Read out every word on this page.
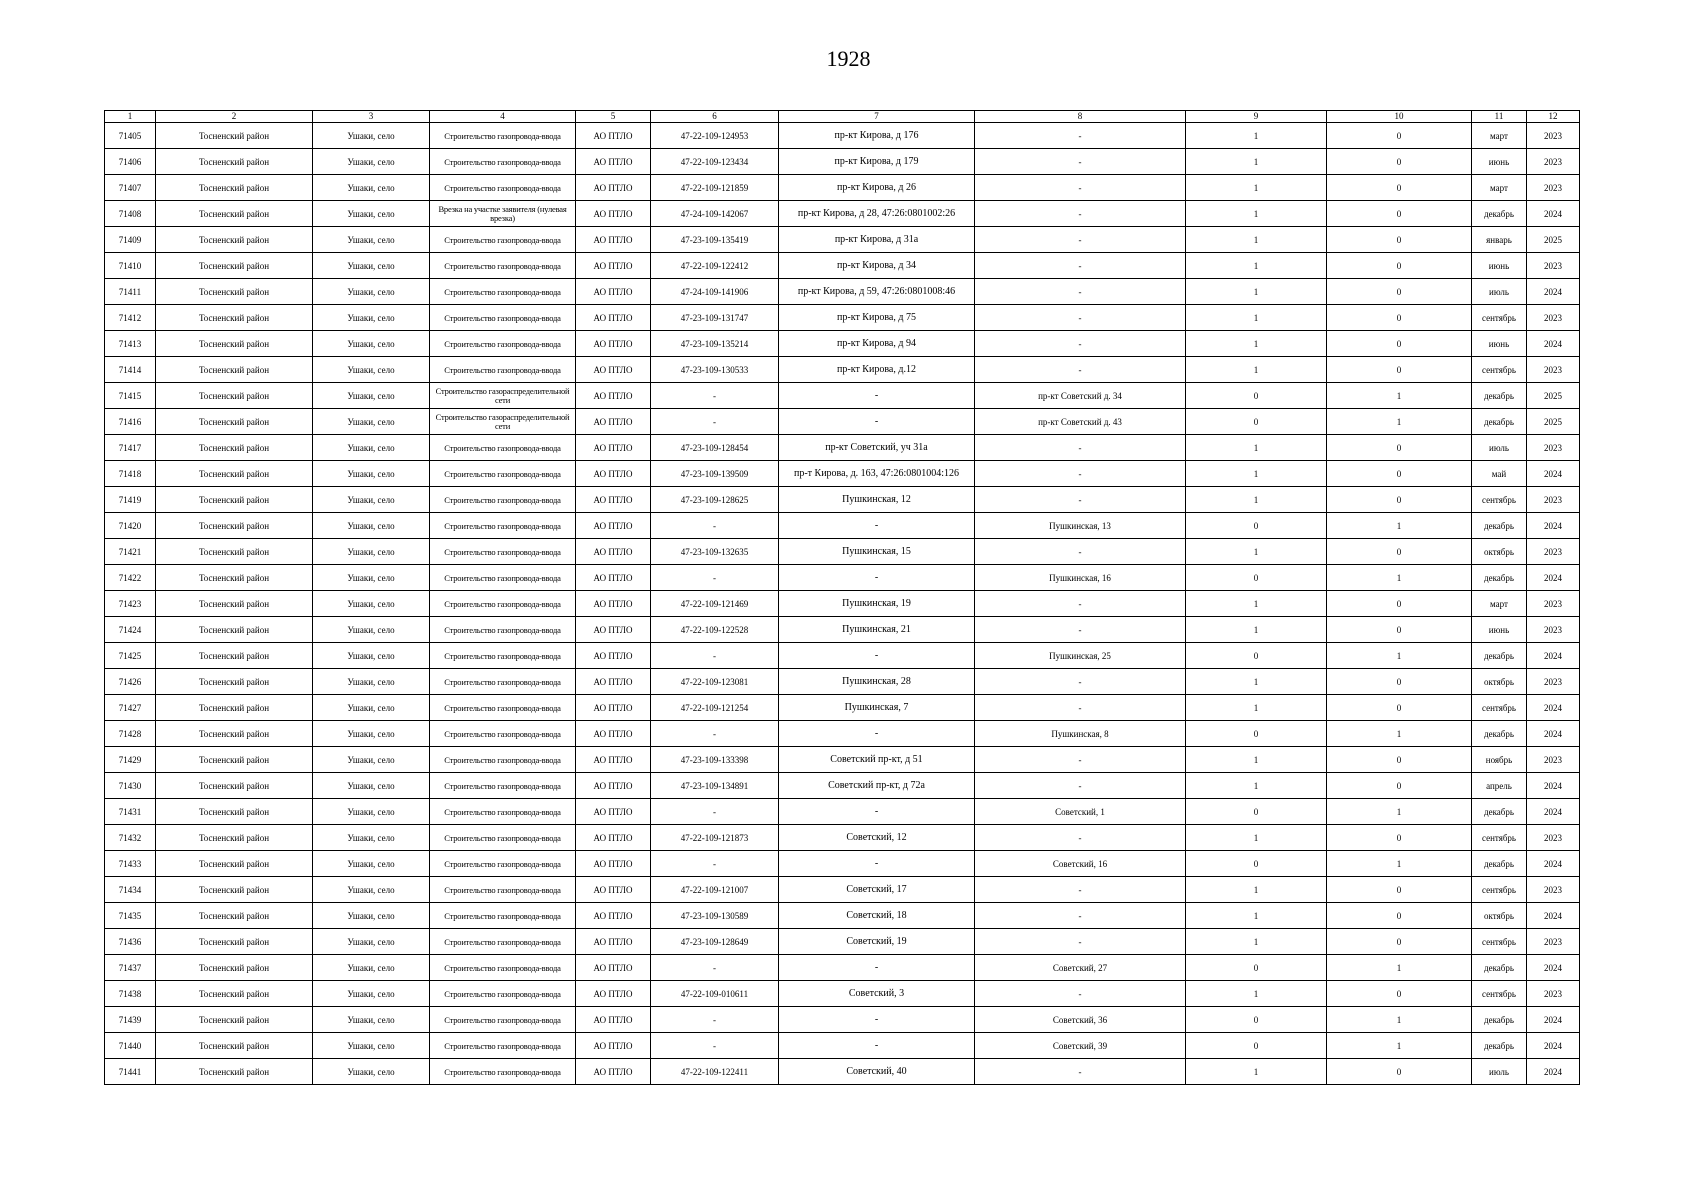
1928
1	2	3	4	5	6	7	8	9	10	11	12
71405	Тосненский район	Ушаки, село	Строительство газопровода-ввода	АО ПТЛО	47-22-109-124953	пр-кт Кирова, д 176	-	1	0	март	2023
71406	Тосненский район	Ушаки, село	Строительство газопровода-ввода	АО ПТЛО	47-22-109-123434	пр-кт Кирова, д 179	-	1	0	июнь	2023
71407	Тосненский район	Ушаки, село	Строительство газопровода-ввода	АО ПТЛО	47-22-109-121859	пр-кт Кирова, д 26	-	1	0	март	2023
71408	Тосненский район	Ушаки, село	Врезка на участке заявителя (нулевая врезка)	АО ПТЛО	47-24-109-142067	пр-кт Кирова, д 28, 47:26:0801002:26	-	1	0	декабрь	2024
71409	Тосненский район	Ушаки, село	Строительство газопровода-ввода	АО ПТЛО	47-23-109-135419	пр-кт Кирова, д 31а	-	1	0	январь	2025
71410	Тосненский район	Ушаки, село	Строительство газопровода-ввода	АО ПТЛО	47-22-109-122412	пр-кт Кирова, д 34	-	1	0	июнь	2023
71411	Тосненский район	Ушаки, село	Строительство газопровода-ввода	АО ПТЛО	47-24-109-141906	пр-кт Кирова, д 59, 47:26:0801008:46	-	1	0	июль	2024
71412	Тосненский район	Ушаки, село	Строительство газопровода-ввода	АО ПТЛО	47-23-109-131747	пр-кт Кирова, д 75	-	1	0	сентябрь	2023
71413	Тосненский район	Ушаки, село	Строительство газопровода-ввода	АО ПТЛО	47-23-109-135214	пр-кт Кирова, д 94	-	1	0	июнь	2024
71414	Тосненский район	Ушаки, село	Строительство газопровода-ввода	АО ПТЛО	47-23-109-130533	пр-кт Кирова, д.12	-	1	0	сентябрь	2023
71415	Тосненский район	Ушаки, село	Строительство газораспределительной сети	АО ПТЛО	-	-	пр-кт Советский д. 34	0	1	декабрь	2025
71416	Тосненский район	Ушаки, село	Строительство газораспределительной сети	АО ПТЛО	-	-	пр-кт Советский д. 43	0	1	декабрь	2025
71417	Тосненский район	Ушаки, село	Строительство газопровода-ввода	АО ПТЛО	47-23-109-128454	пр-кт Советский, уч 31а	-	1	0	июль	2023
71418	Тосненский район	Ушаки, село	Строительство газопровода-ввода	АО ПТЛО	47-23-109-139509	пр-т Кирова, д. 163, 47:26:0801004:126	-	1	0	май	2024
71419	Тосненский район	Ушаки, село	Строительство газопровода-ввода	АО ПТЛО	47-23-109-128625	Пушкинская, 12	-	1	0	сентябрь	2023
71420	Тосненский район	Ушаки, село	Строительство газопровода-ввода	АО ПТЛО	-	-	Пушкинская, 13	0	1	декабрь	2024
71421	Тосненский район	Ушаки, село	Строительство газопровода-ввода	АО ПТЛО	47-23-109-132635	Пушкинская, 15	-	1	0	октябрь	2023
71422	Тосненский район	Ушаки, село	Строительство газопровода-ввода	АО ПТЛО	-	-	Пушкинская, 16	0	1	декабрь	2024
71423	Тосненский район	Ушаки, село	Строительство газопровода-ввода	АО ПТЛО	47-22-109-121469	Пушкинская, 19	-	1	0	март	2023
71424	Тосненский район	Ушаки, село	Строительство газопровода-ввода	АО ПТЛО	47-22-109-122528	Пушкинская, 21	-	1	0	июнь	2023
71425	Тосненский район	Ушаки, село	Строительство газопровода-ввода	АО ПТЛО	-	-	Пушкинская, 25	0	1	декабрь	2024
71426	Тосненский район	Ушаки, село	Строительство газопровода-ввода	АО ПТЛО	47-22-109-123081	Пушкинская, 28	-	1	0	октябрь	2023
71427	Тосненский район	Ушаки, село	Строительство газопровода-ввода	АО ПТЛО	47-22-109-121254	Пушкинская, 7	-	1	0	сентябрь	2024
71428	Тосненский район	Ушаки, село	Строительство газопровода-ввода	АО ПТЛО	-	-	Пушкинская, 8	0	1	декабрь	2024
71429	Тосненский район	Ушаки, село	Строительство газопровода-ввода	АО ПТЛО	47-23-109-133398	Советский пр-кт, д 51	-	1	0	ноябрь	2023
71430	Тосненский район	Ушаки, село	Строительство газопровода-ввода	АО ПТЛО	47-23-109-134891	Советский пр-кт, д 72а	-	1	0	апрель	2024
71431	Тосненский район	Ушаки, село	Строительство газопровода-ввода	АО ПТЛО	-	-	Советский, 1	0	1	декабрь	2024
71432	Тосненский район	Ушаки, село	Строительство газопровода-ввода	АО ПТЛО	47-22-109-121873	Советский, 12	-	1	0	сентябрь	2023
71433	Тосненский район	Ушаки, село	Строительство газопровода-ввода	АО ПТЛО	-	-	Советский, 16	0	1	декабрь	2024
71434	Тосненский район	Ушаки, село	Строительство газопровода-ввода	АО ПТЛО	47-22-109-121007	Советский, 17	-	1	0	сентябрь	2023
71435	Тосненский район	Ушаки, село	Строительство газопровода-ввода	АО ПТЛО	47-23-109-130589	Советский, 18	-	1	0	октябрь	2024
71436	Тосненский район	Ушаки, село	Строительство газопровода-ввода	АО ПТЛО	47-23-109-128649	Советский, 19	-	1	0	сентябрь	2023
71437	Тосненский район	Ушаки, село	Строительство газопровода-ввода	АО ПТЛО	-	-	Советский, 27	0	1	декабрь	2024
71438	Тосненский район	Ушаки, село	Строительство газопровода-ввода	АО ПТЛО	47-22-109-010611	Советский, 3	-	1	0	сентябрь	2023
71439	Тосненский район	Ушаки, село	Строительство газопровода-ввода	АО ПТЛО	-	-	Советский, 36	0	1	декабрь	2024
71440	Тосненский район	Ушаки, село	Строительство газопровода-ввода	АО ПТЛО	-	-	Советский, 39	0	1	декабрь	2024
71441	Тосненский район	Ушаки, село	Строительство газопровода-ввода	АО ПТЛО	47-22-109-122411	Советский, 40	-	1	0	июль	2024
